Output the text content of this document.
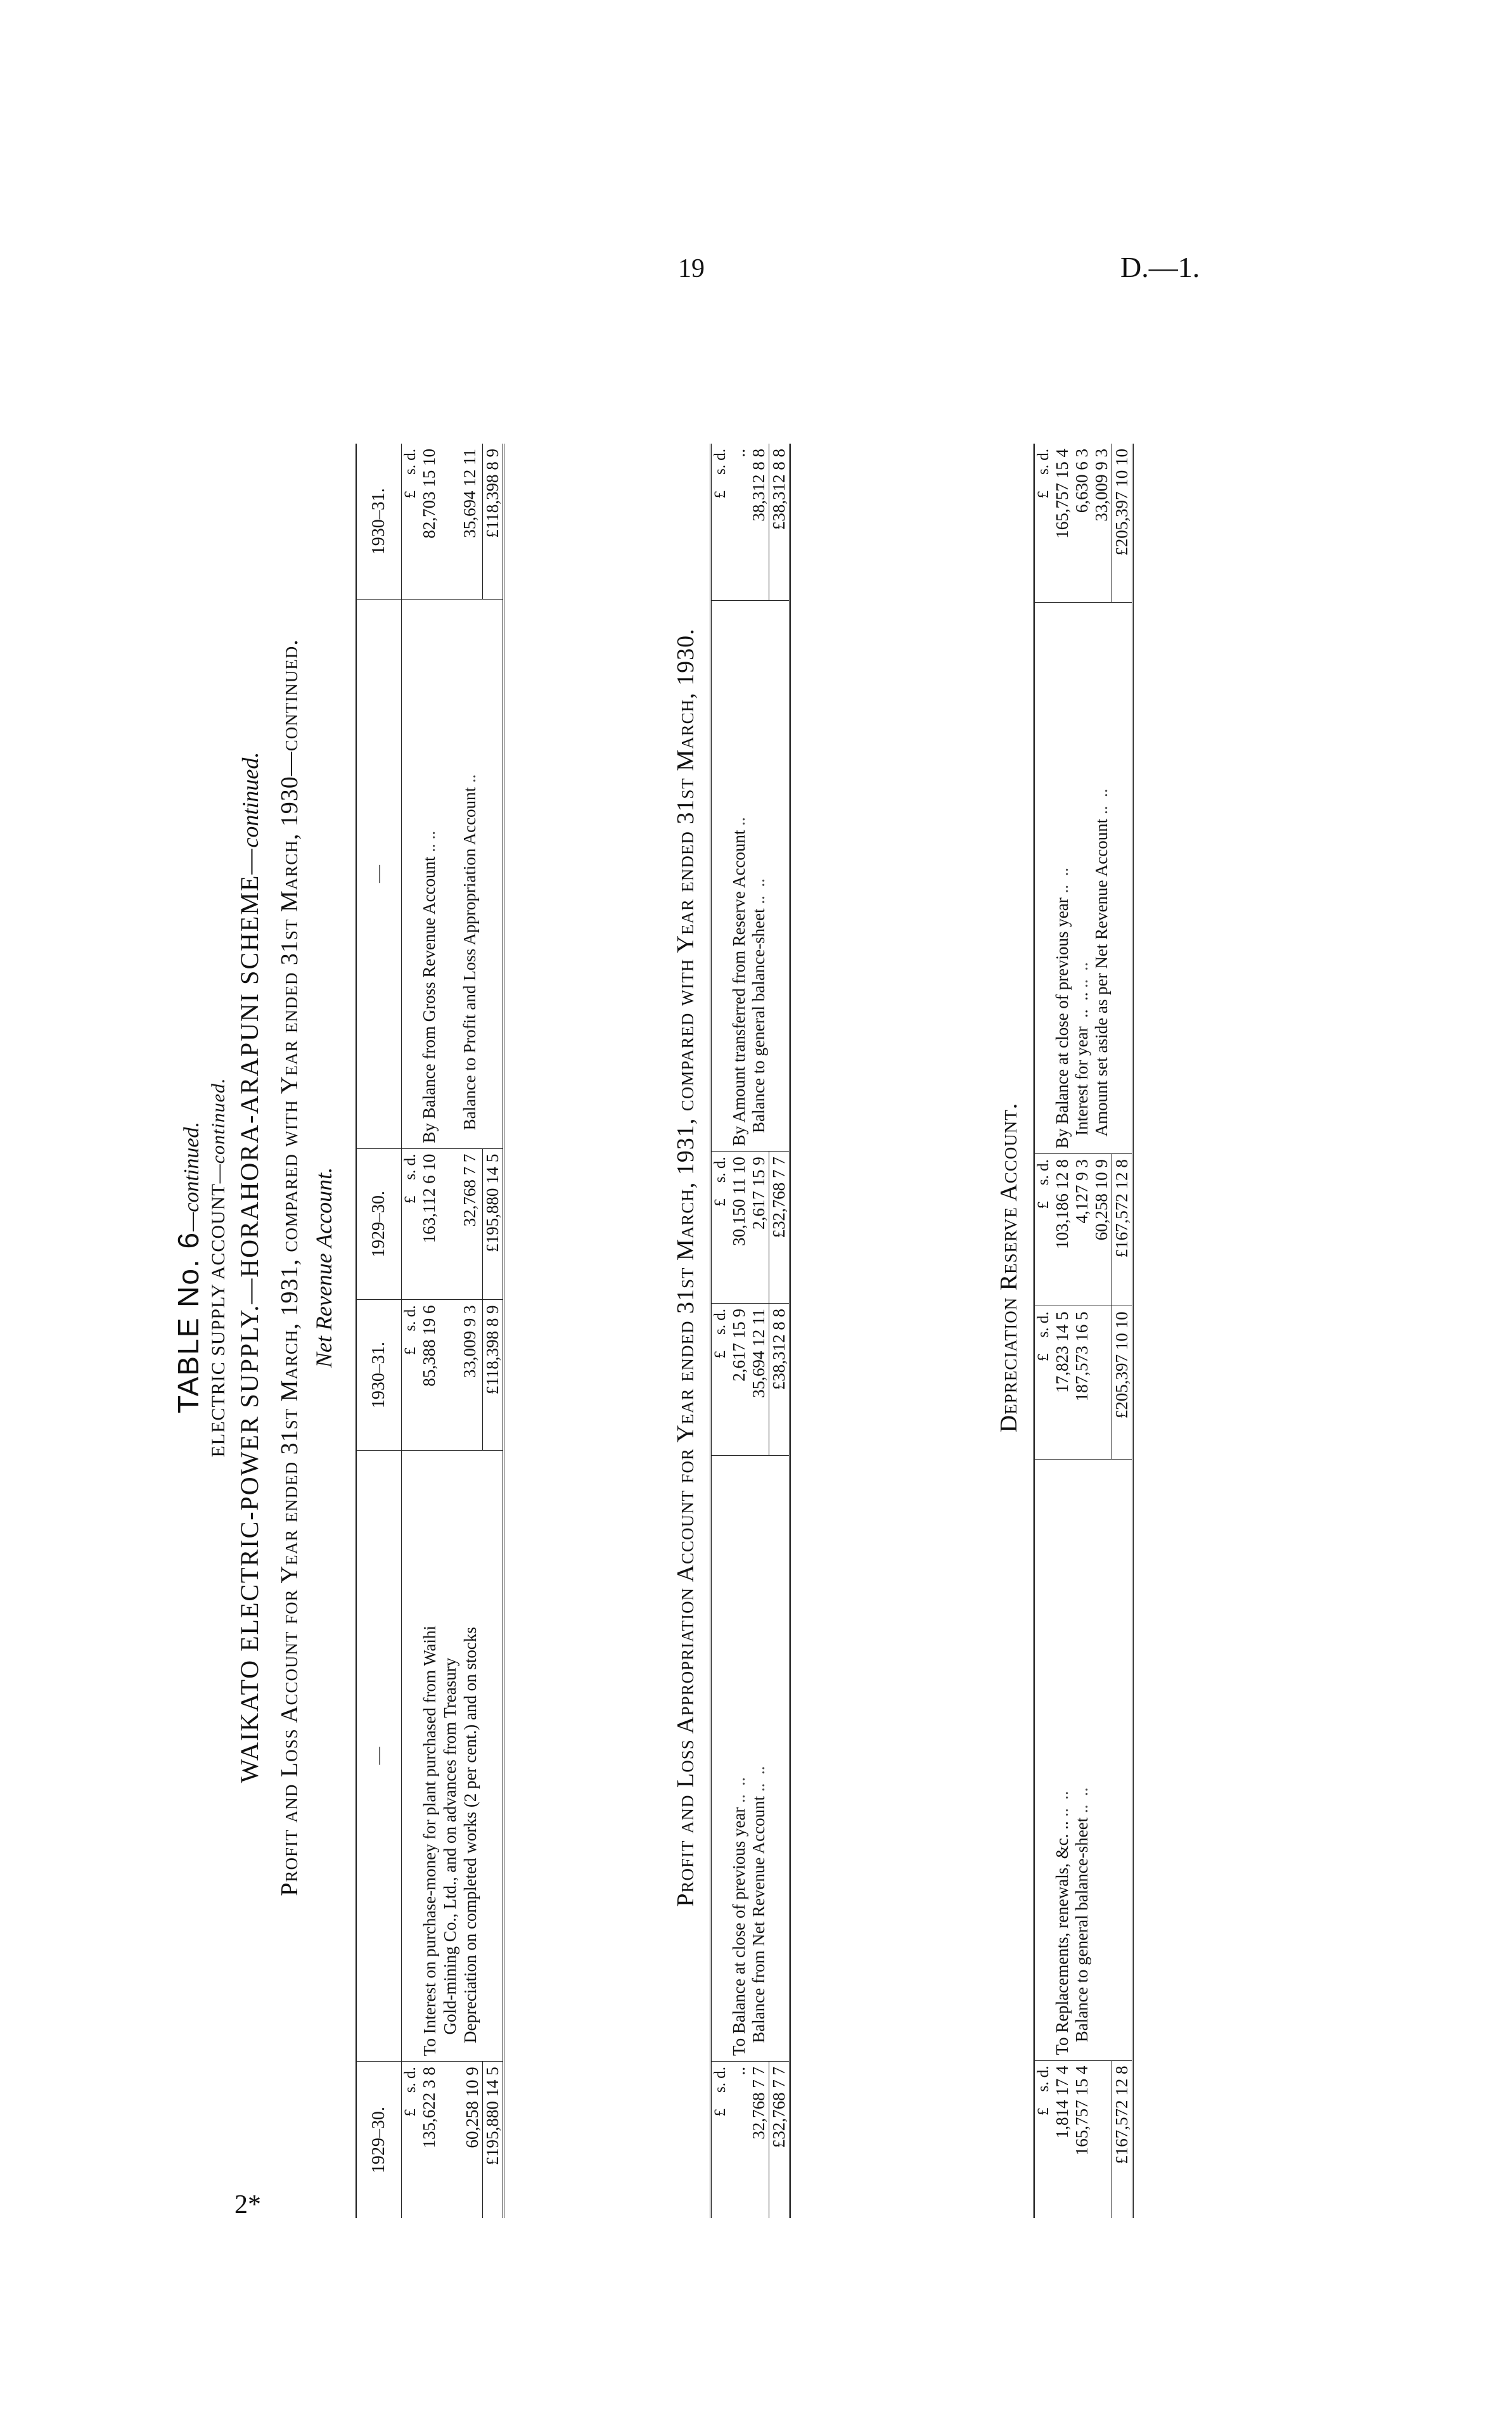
19	D.—1.
2*
TABLE No. 6—continued. ELECTRIC SUPPLY ACCOUNT—continued. WAIKATO ELECTRIC-POWER SUPPLY.—HORAHORA-ARAPUNI SCHEME—continued. Profit and Loss Account for Year ended 31st March, 1931, compared with Year ended 31st March, 1930—continued. Net Revenue Account.
1929–30.	—	1930–31.	1929–30.	—	1930–31.
£    s. d.		£    s. d.	£    s. d.		£    s. d.
135,622 3 8	To Interest on purchase-money for plant purchased from Waihi Gold-mining Co., Ltd., and on advances from Treasury	85,388 19 6	163,112 6 10	By Balance from Gross Revenue Account .. ..	82,703 15 10
60,258 10 9	Depreciation on completed works (2 per cent.) and on stocks	33,009 9 3	32,768 7 7	Balance to Profit and Loss Appropriation Account ..	35,694 12 11
£195,880 14 5		£118,398 8 9	£195,880 14 5		£118,398 8 9
Profit and Loss Appropriation Account for Year ended 31st March, 1931, compared with Year ended 31st March, 1930.
£    s. d.		£    s. d.	£    s. d.		£    s. d.
..	To Balance at close of previous year ..  ..	2,617 15 9	30,150 11 10	By Amount transferred from Reserve Account ..	..
32,768 7 7	Balance from Net Revenue Account ..  ..	35,694 12 11	2,617 15 9	Balance to general balance-sheet ..  ..	38,312 8 8
£32,768 7 7		£38,312 8 8	£32,768 7 7		£38,312 8 8
Depreciation Reserve Account.
£    s. d.		£    s. d.	£    s. d.		£    s. d.
1,814 17 4	To Replacements, renewals, &c. .. ..  ..	17,823 14 5	103,186 12 8	By Balance at close of previous year ..  ..	165,757 15 4
165,757 15 4	Balance to general balance-sheet ..  ..	187,573 16 5	4,127 9 3	Interest for year  ..  .. ..  ..	6,630 6 3
			60,258 10 9	Amount set aside as per Net Revenue Account ..  ..	33,009 9 3
£167,572 12 8		£205,397 10 10	£167,572 12 8		£205,397 10 10
